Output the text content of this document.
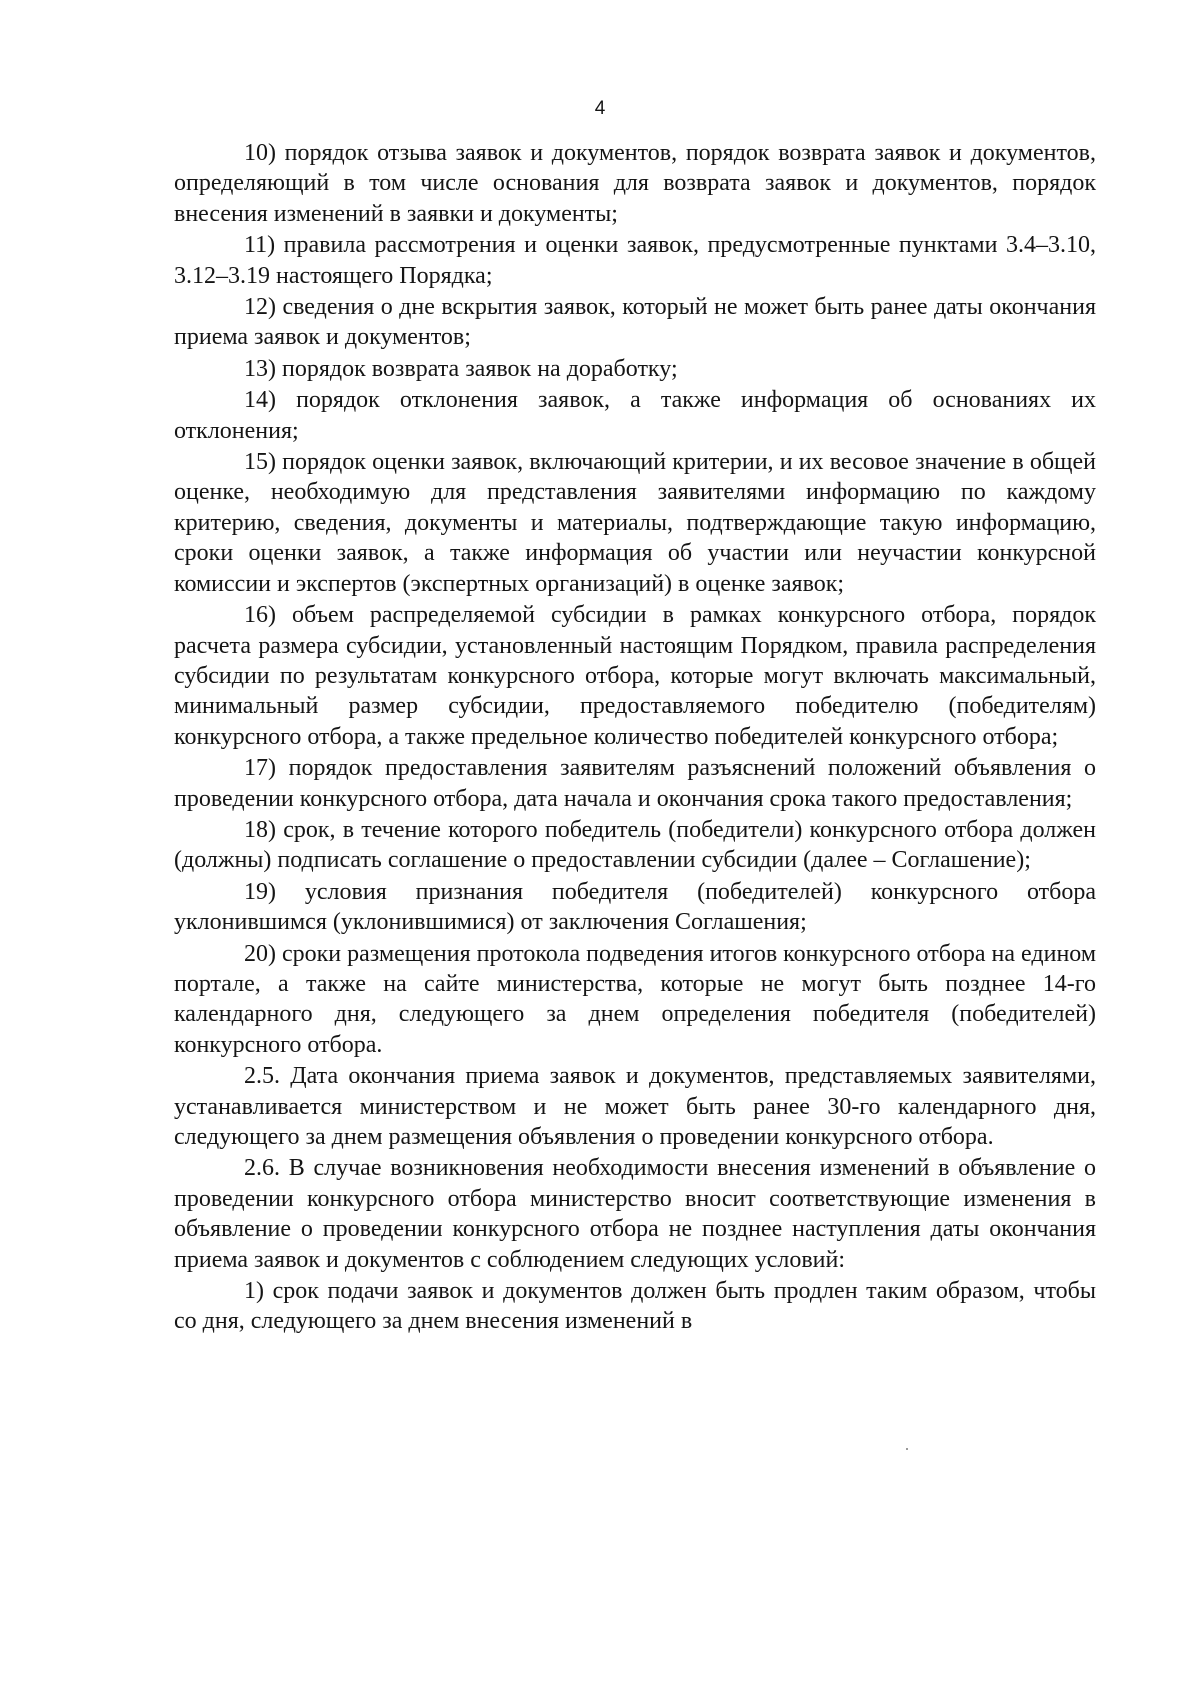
4

10) порядок отзыва заявок и документов, порядок возврата заявок и документов, определяющий в том числе основания для возврата заявок и документов, порядок внесения изменений в заявки и документы;

11) правила рассмотрения и оценки заявок, предусмотренные пунктами 3.4–3.10, 3.12–3.19 настоящего Порядка;

12) сведения о дне вскрытия заявок, который не может быть ранее даты окончания приема заявок и документов;

13) порядок возврата заявок на доработку;

14) порядок отклонения заявок, а также информация об основаниях их отклонения;

15) порядок оценки заявок, включающий критерии, и их весовое значение в общей оценке, необходимую для представления заявителями информацию по каждому критерию, сведения, документы и материалы, подтверждающие такую информацию, сроки оценки заявок, а также информация об участии или неучастии конкурсной комиссии и экспертов (экспертных организаций) в оценке заявок;

16) объем распределяемой субсидии в рамках конкурсного отбора, порядок расчета размера субсидии, установленный настоящим Порядком, правила распределения субсидии по результатам конкурсного отбора, которые могут включать максимальный, минимальный размер субсидии, предоставляемого победителю (победителям) конкурсного отбора, а также предельное количество победителей конкурсного отбора;

17) порядок предоставления заявителям разъяснений положений объявления о проведении конкурсного отбора, дата начала и окончания срока такого предоставления;

18) срок, в течение которого победитель (победители) конкурсного отбора должен (должны) подписать соглашение о предоставлении субсидии (далее – Соглашение);

19) условия признания победителя (победителей) конкурсного отбора уклонившимся (уклонившимися) от заключения Соглашения;

20) сроки размещения протокола подведения итогов конкурсного отбора на едином портале, а также на сайте министерства, которые не могут быть позднее 14-го календарного дня, следующего за днем определения победителя (победителей) конкурсного отбора.

2.5. Дата окончания приема заявок и документов, представляемых заявителями, устанавливается министерством и не может быть ранее 30-го календарного дня, следующего за днем размещения объявления о проведении конкурсного отбора.

2.6. В случае возникновения необходимости внесения изменений в объявление о проведении конкурсного отбора министерство вносит соответствующие изменения в объявление о проведении конкурсного отбора не позднее наступления даты окончания приема заявок и документов с соблюдением следующих условий:

1) срок подачи заявок и документов должен быть продлен таким образом, чтобы со дня, следующего за днем внесения изменений в
